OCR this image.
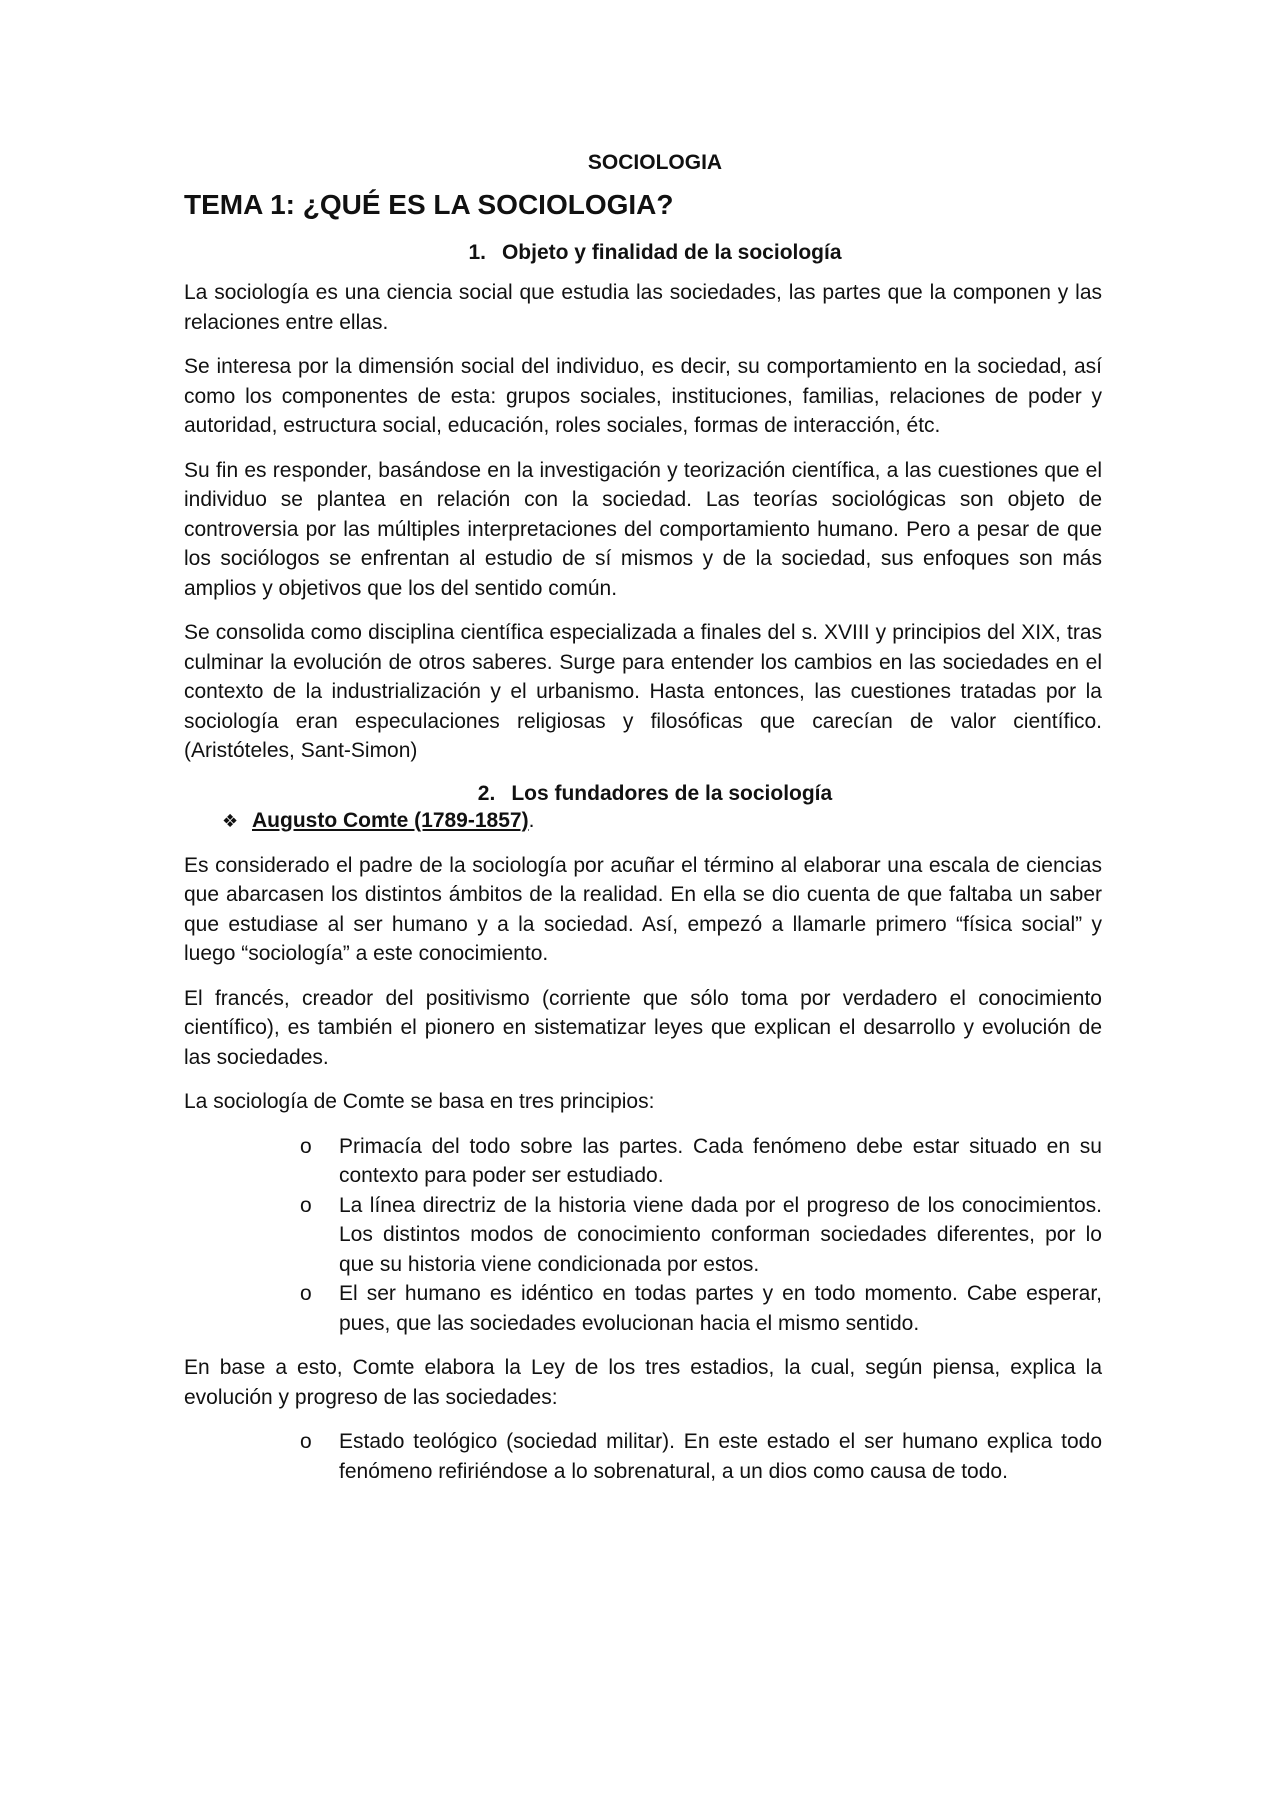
SOCIOLOGIA
TEMA 1: ¿QUÉ ES LA SOCIOLOGIA?
1. Objeto y finalidad de la sociología

La sociología es una ciencia social que estudia las sociedades, las partes que la componen y las relaciones entre ellas.

Se interesa por la dimensión social del individuo, es decir, su comportamiento en la sociedad, así como los componentes de esta: grupos sociales, instituciones, familias, relaciones de poder y autoridad, estructura social, educación, roles sociales, formas de interacción, étc.

Su fin es responder, basándose en la investigación y teorización científica, a las cuestiones que el individuo se plantea en relación con la sociedad. Las teorías sociológicas son objeto de controversia por las múltiples interpretaciones del comportamiento humano. Pero a pesar de que los sociólogos se enfrentan al estudio de sí mismos y de la sociedad, sus enfoques son más amplios y objetivos que los del sentido común.

Se consolida como disciplina científica especializada a finales del s. XVIII y principios del XIX, tras culminar la evolución de otros saberes. Surge para entender los cambios en las sociedades en el contexto de la industrialización y el urbanismo. Hasta entonces, las cuestiones tratadas por la sociología eran especulaciones religiosas y filosóficas que carecían de valor científico. (Aristóteles, Sant-Simon)

2. Los fundadores de la sociología
❖ Augusto Comte (1789-1857).

Es considerado el padre de la sociología por acuñar el término al elaborar una escala de ciencias que abarcasen los distintos ámbitos de la realidad. En ella se dio cuenta de que faltaba un saber que estudiase al ser humano y a la sociedad. Así, empezó a llamarle primero “física social” y luego “sociología” a este conocimiento.

El francés, creador del positivismo (corriente que sólo toma por verdadero el conocimiento científico), es también el pionero en sistematizar leyes que explican el desarrollo y evolución de las sociedades.

La sociología de Comte se basa en tres principios:

o Primacía del todo sobre las partes. Cada fenómeno debe estar situado en su contexto para poder ser estudiado.
o La línea directriz de la historia viene dada por el progreso de los conocimientos. Los distintos modos de conocimiento conforman sociedades diferentes, por lo que su historia viene condicionada por estos.
o El ser humano es idéntico en todas partes y en todo momento. Cabe esperar, pues, que las sociedades evolucionan hacia el mismo sentido.

En base a esto, Comte elabora la Ley de los tres estadios, la cual, según piensa, explica la evolución y progreso de las sociedades:

o Estado teológico (sociedad militar). En este estado el ser humano explica todo fenómeno refiriéndose a lo sobrenatural, a un dios como causa de todo.
